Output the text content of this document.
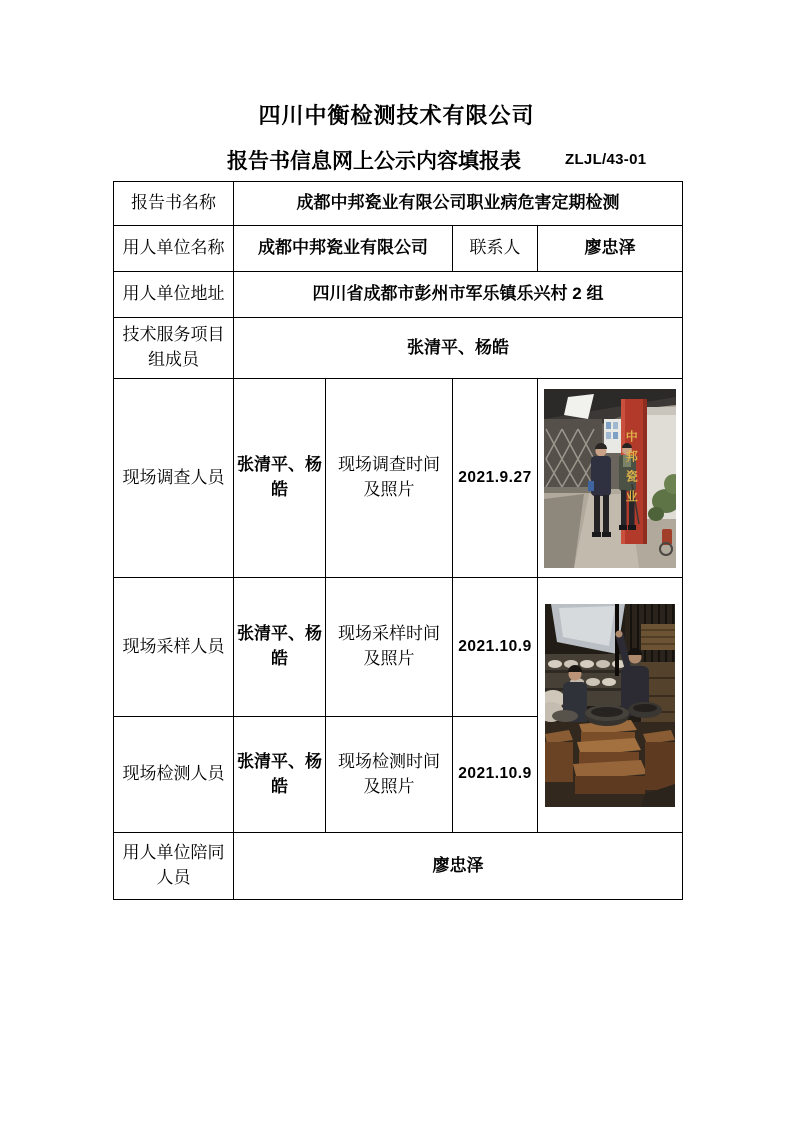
四川中衡检测技术有限公司
报告书信息网上公示内容填报表	ZLJL/43-01
报告书名称	成都中邦瓷业有限公司职业病危害定期检测			
用人单位名称	成都中邦瓷业有限公司		联系人	廖忠泽
用人单位地址	四川省成都市彭州市军乐镇乐兴村 2 组			
技术服务项目组成员	张清平、杨皓			
现场调查人员	张清平、杨皓	现场调查时间及照片	2021.9.27	中邦瓷业

现场采样人员	张清平、杨皓	现场采样时间及照片	2021.10.9	

现场检测人员	张清平、杨皓	现场检测时间及照片	2021.10.9	
用人单位陪同人员	廖忠泽			
